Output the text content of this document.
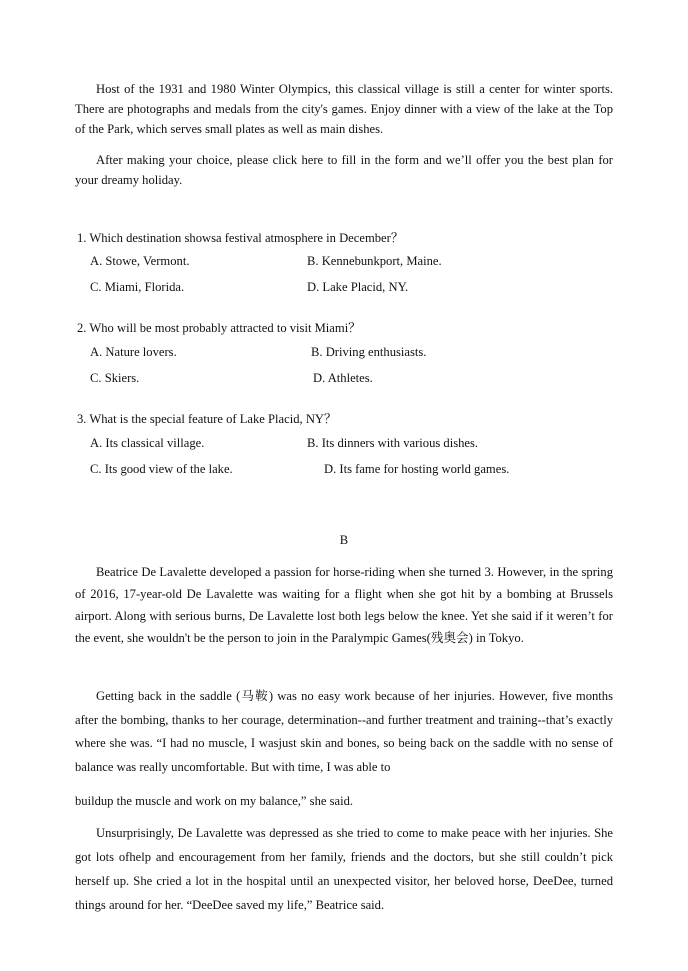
Host of the 1931 and 1980 Winter Olympics, this classical village is still a center for winter sports. There are photographs and medals from the city's games. Enjoy dinner with a view of the lake at the Top of the Park, which serves small plates as well as main dishes.

After making your choice, please click here to fill in the form and we’ll offer you the best plan for your dreamy holiday.

1. Which destination showsa festival atmosphere in December？
A. Stowe, Vermont.	B. Kennebunkport, Maine.
C. Miami, Florida.	D. Lake Placid, NY.
2. Who will be most probably attracted to visit Miami？
A. Nature lovers.	B. Driving enthusiasts.
C. Skiers.	D. Athletes.
3. What is the special feature of Lake Placid, NY？
A. Its classical village.	B. Its dinners with various dishes.
C. Its good view of the lake.	D. Its fame for hosting world games.
B

Beatrice De Lavalette developed a passion for horse-riding when she turned 3. However, in the spring of 2016, 17-year-old De Lavalette was waiting for a flight when she got hit by a bombing at Brussels airport. Along with serious burns, De Lavalette lost both legs below the knee. Yet she said if it weren’t for the event, she wouldn't be the person to join in the Paralympic Games(残奥会) in Tokyo.

Getting back in the saddle (马鞍) was no easy work because of her injuries. However, five months after the bombing, thanks to her courage, determination--and further treatment and training--that’s exactly where she was. “I had no muscle, I wasjust skin and bones, so being back on the saddle with no sense of balance was really uncomfortable. But with time, I was able to

buildup the muscle and work on my balance,” she said.

Unsurprisingly, De Lavalette was depressed as she tried to come to make peace with her injuries. She got lots ofhelp and encouragement from her family, friends and the doctors, but she still couldn’t pick herself up. She cried a lot in the hospital until an unexpected visitor, her beloved horse, DeeDee, turned things around for her. “DeeDee saved my life,” Beatrice said.
